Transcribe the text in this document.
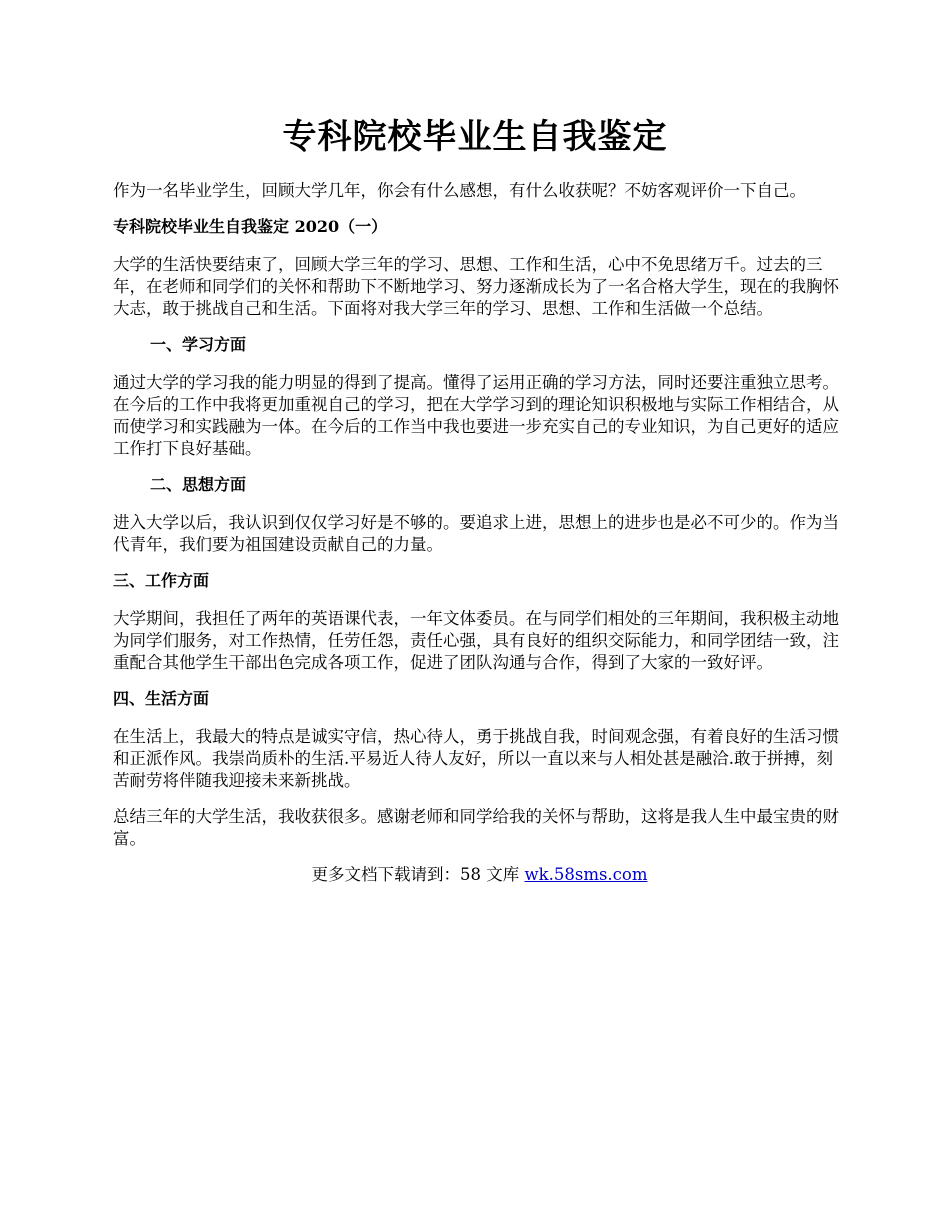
专科院校毕业生自我鉴定

作为一名毕业学生，回顾大学几年，你会有什么感想，有什么收获呢？不妨客观评价一下自己。

专科院校毕业生自我鉴定 2020（一）

大学的生活快要结束了，回顾大学三年的学习、思想、工作和生活，心中不免思绪万千。过去的三年，在老师和同学们的关怀和帮助下不断地学习、努力逐渐成长为了一名合格大学生，现在的我胸怀大志，敢于挑战自己和生活。下面将对我大学三年的学习、思想、工作和生活做一个总结。

一、学习方面

通过大学的学习我的能力明显的得到了提高。懂得了运用正确的学习方法，同时还要注重独立思考。在今后的工作中我将更加重视自己的学习，把在大学学习到的理论知识积极地与实际工作相结合，从而使学习和实践融为一体。在今后的工作当中我也要进一步充实自己的专业知识，为自己更好的适应工作打下良好基础。

二、思想方面

进入大学以后，我认识到仅仅学习好是不够的。要追求上进，思想上的进步也是必不可少的。作为当代青年，我们要为祖国建设贡献自己的力量。

三、工作方面

大学期间，我担任了两年的英语课代表，一年文体委员。在与同学们相处的三年期间，我积极主动地为同学们服务，对工作热情，任劳任怨，责任心强，具有良好的组织交际能力，和同学团结一致，注重配合其他学生干部出色完成各项工作，促进了团队沟通与合作，得到了大家的一致好评。

四、生活方面

在生活上，我最大的特点是诚实守信，热心待人，勇于挑战自我，时间观念强，有着良好的生活习惯和正派作风。我崇尚质朴的生活.平易近人待人友好，所以一直以来与人相处甚是融洽.敢于拼搏，刻苦耐劳将伴随我迎接未来新挑战。

总结三年的大学生活，我收获很多。感谢老师和同学给我的关怀与帮助，这将是我人生中最宝贵的财富。

更多文档下载请到：58 文库 wk.58sms.com
